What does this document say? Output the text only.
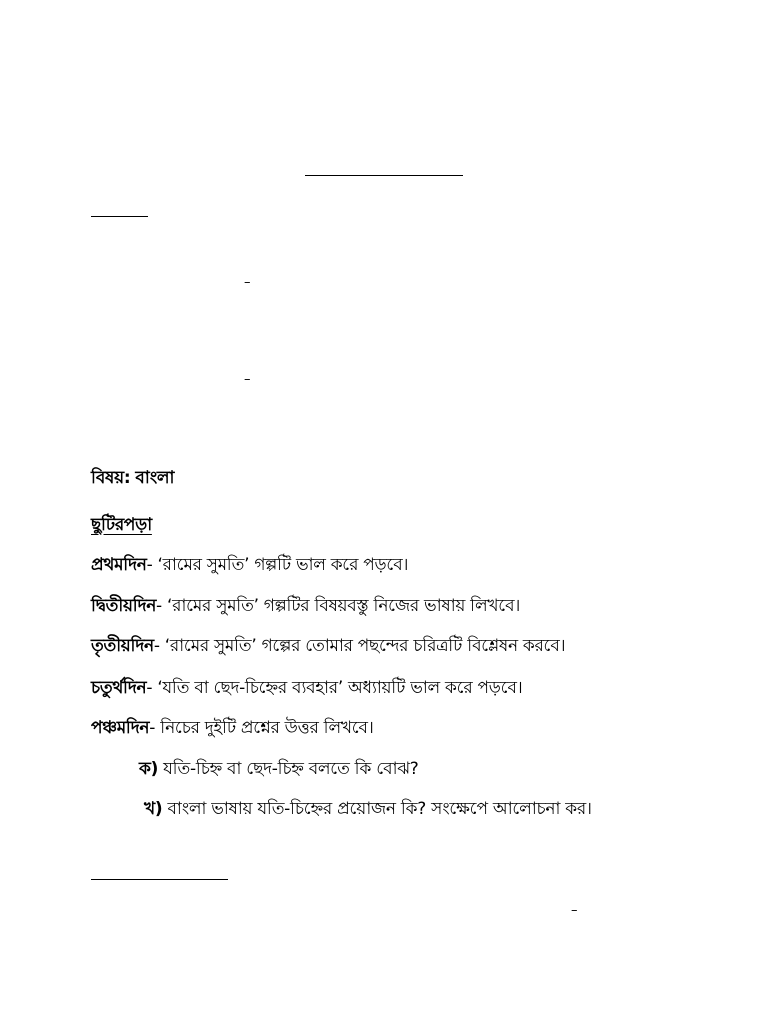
–
–
–

বিষয়: বাংলা

ছুটিরপড়া

প্রথমদিন- ‘রামের সুমতি’ গল্পটি ভাল করে পড়বে।

দ্বিতীয়দিন- ‘রামের সুমতি’ গল্পটির বিষয়বস্তু নিজের ভাষায় লিখবে।

তৃতীয়দিন- ‘রামের সুমতি’ গল্পের তোমার পছন্দের চরিত্রটি বিশ্লেষন করবে।

চতুর্থদিন- ‘যতি বা ছেদ-চিহ্নের ব্যবহার’ অধ্যায়টি ভাল করে পড়বে।

পঞ্চমদিন- নিচের দুইটি প্রশ্নের উত্তর লিখবে।

ক) যতি-চিহ্ন বা ছেদ-চিহ্ন বলতে কি বোঝ?

খ) বাংলা ভাষায় যতি-চিহ্নের প্রয়োজন কি? সংক্ষেপে আলোচনা কর।
